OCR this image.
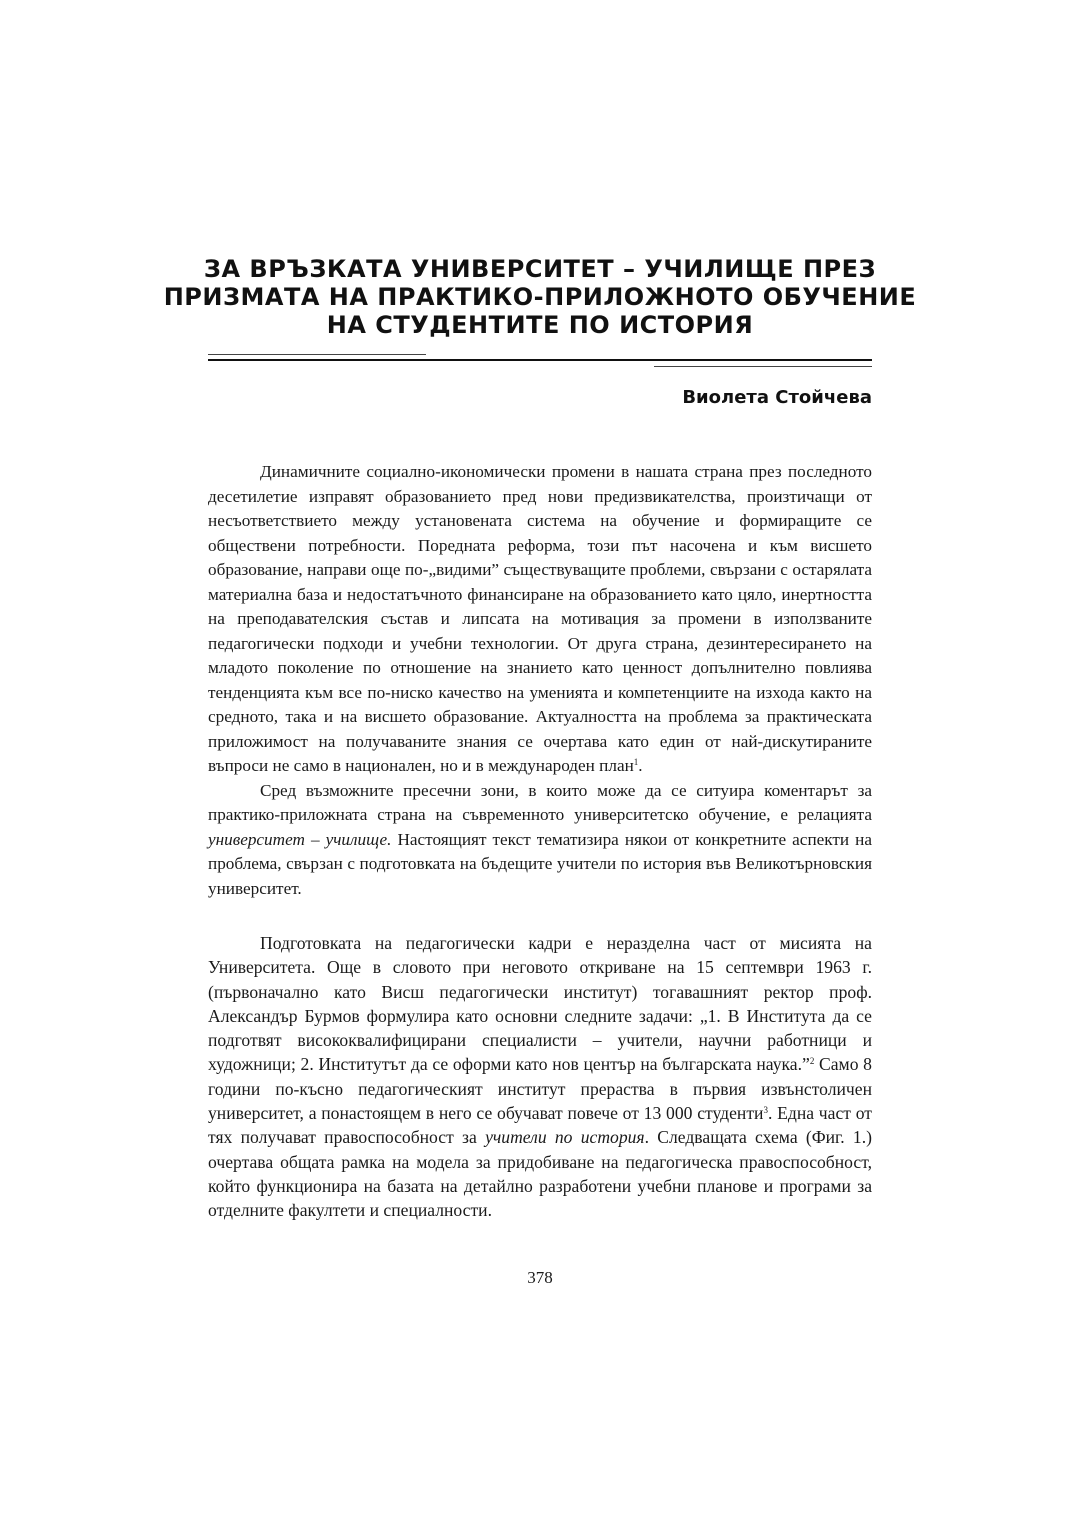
ЗА ВРЪЗКАТА УНИВЕРСИТЕТ – УЧИЛИЩЕ ПРЕЗ
ПРИЗМАТА НА ПРАКТИКО-ПРИЛОЖНОТО ОБУЧЕНИЕ
НА СТУДЕНТИТЕ ПО ИСТОРИЯ
Виолета Стойчева

Динамичните социално-икономически промени в нашата страна през последното десетилетие изправят образованието пред нови предизвикателства, произтичащи от несъответствието между установената система на обучение и формиращите се обществени потребности. Поредната реформа, този път насочена и към висшето образование, направи още по-„видими” съществуващите проблеми, свързани с остарялата материална база и недостатъчното финансиране на образованието като цяло, инертността на преподавателския състав и липсата на мотивация за промени в използваните педагогически подходи и учебни технологии. От друга страна, дезинтересирането на младото поколение по отношение на знанието като ценност допълнително повлиява тенденцията към все по-ниско качество на уменията и компетенциите на изхода както на средното, така и на висшето образование. Актуалността на проблема за практическата приложимост на получаваните знания се очертава като един от най-дискутираните въпроси не само в национален, но и в международен план$^1$.

Сред възможните пресечни зони, в които може да се ситуира коментарът за практико-приложната страна на съвременното университетско обучение, е релацията университет – училище. Настоящият текст тематизира някои от конкретните аспекти на проблема, свързан с подготовката на бъдещите учители по история във Великотърновския университет.

Подготовката на педагогически кадри е неразделна част от мисията на Университета. Още в словото при неговото откриване на 15 септември 1963 г. (първоначално като Висш педагогически институт) тогавашният ректор проф. Александър Бурмов формулира като основни следните задачи: „1. В Института да се подготвят висококвалифицирани специалисти – учители, научни работници и художници; 2. Институтът да се оформи като нов център на българската наука.”$^2$ Само 8 години по-късно педагогическият институт прераства в първия извънстоличен университет, а понастоящем в него се обучават повече от 13 000 студенти$^3$. Една част от тях получават правоспособност за учители по история. Следващата схема (Фиг. 1.) очертава общата рамка на модела за придобиване на педагогическа правоспособност, който функционира на базата на детайлно разработени учебни планове и програми за отделните факултети и специалности.

378
